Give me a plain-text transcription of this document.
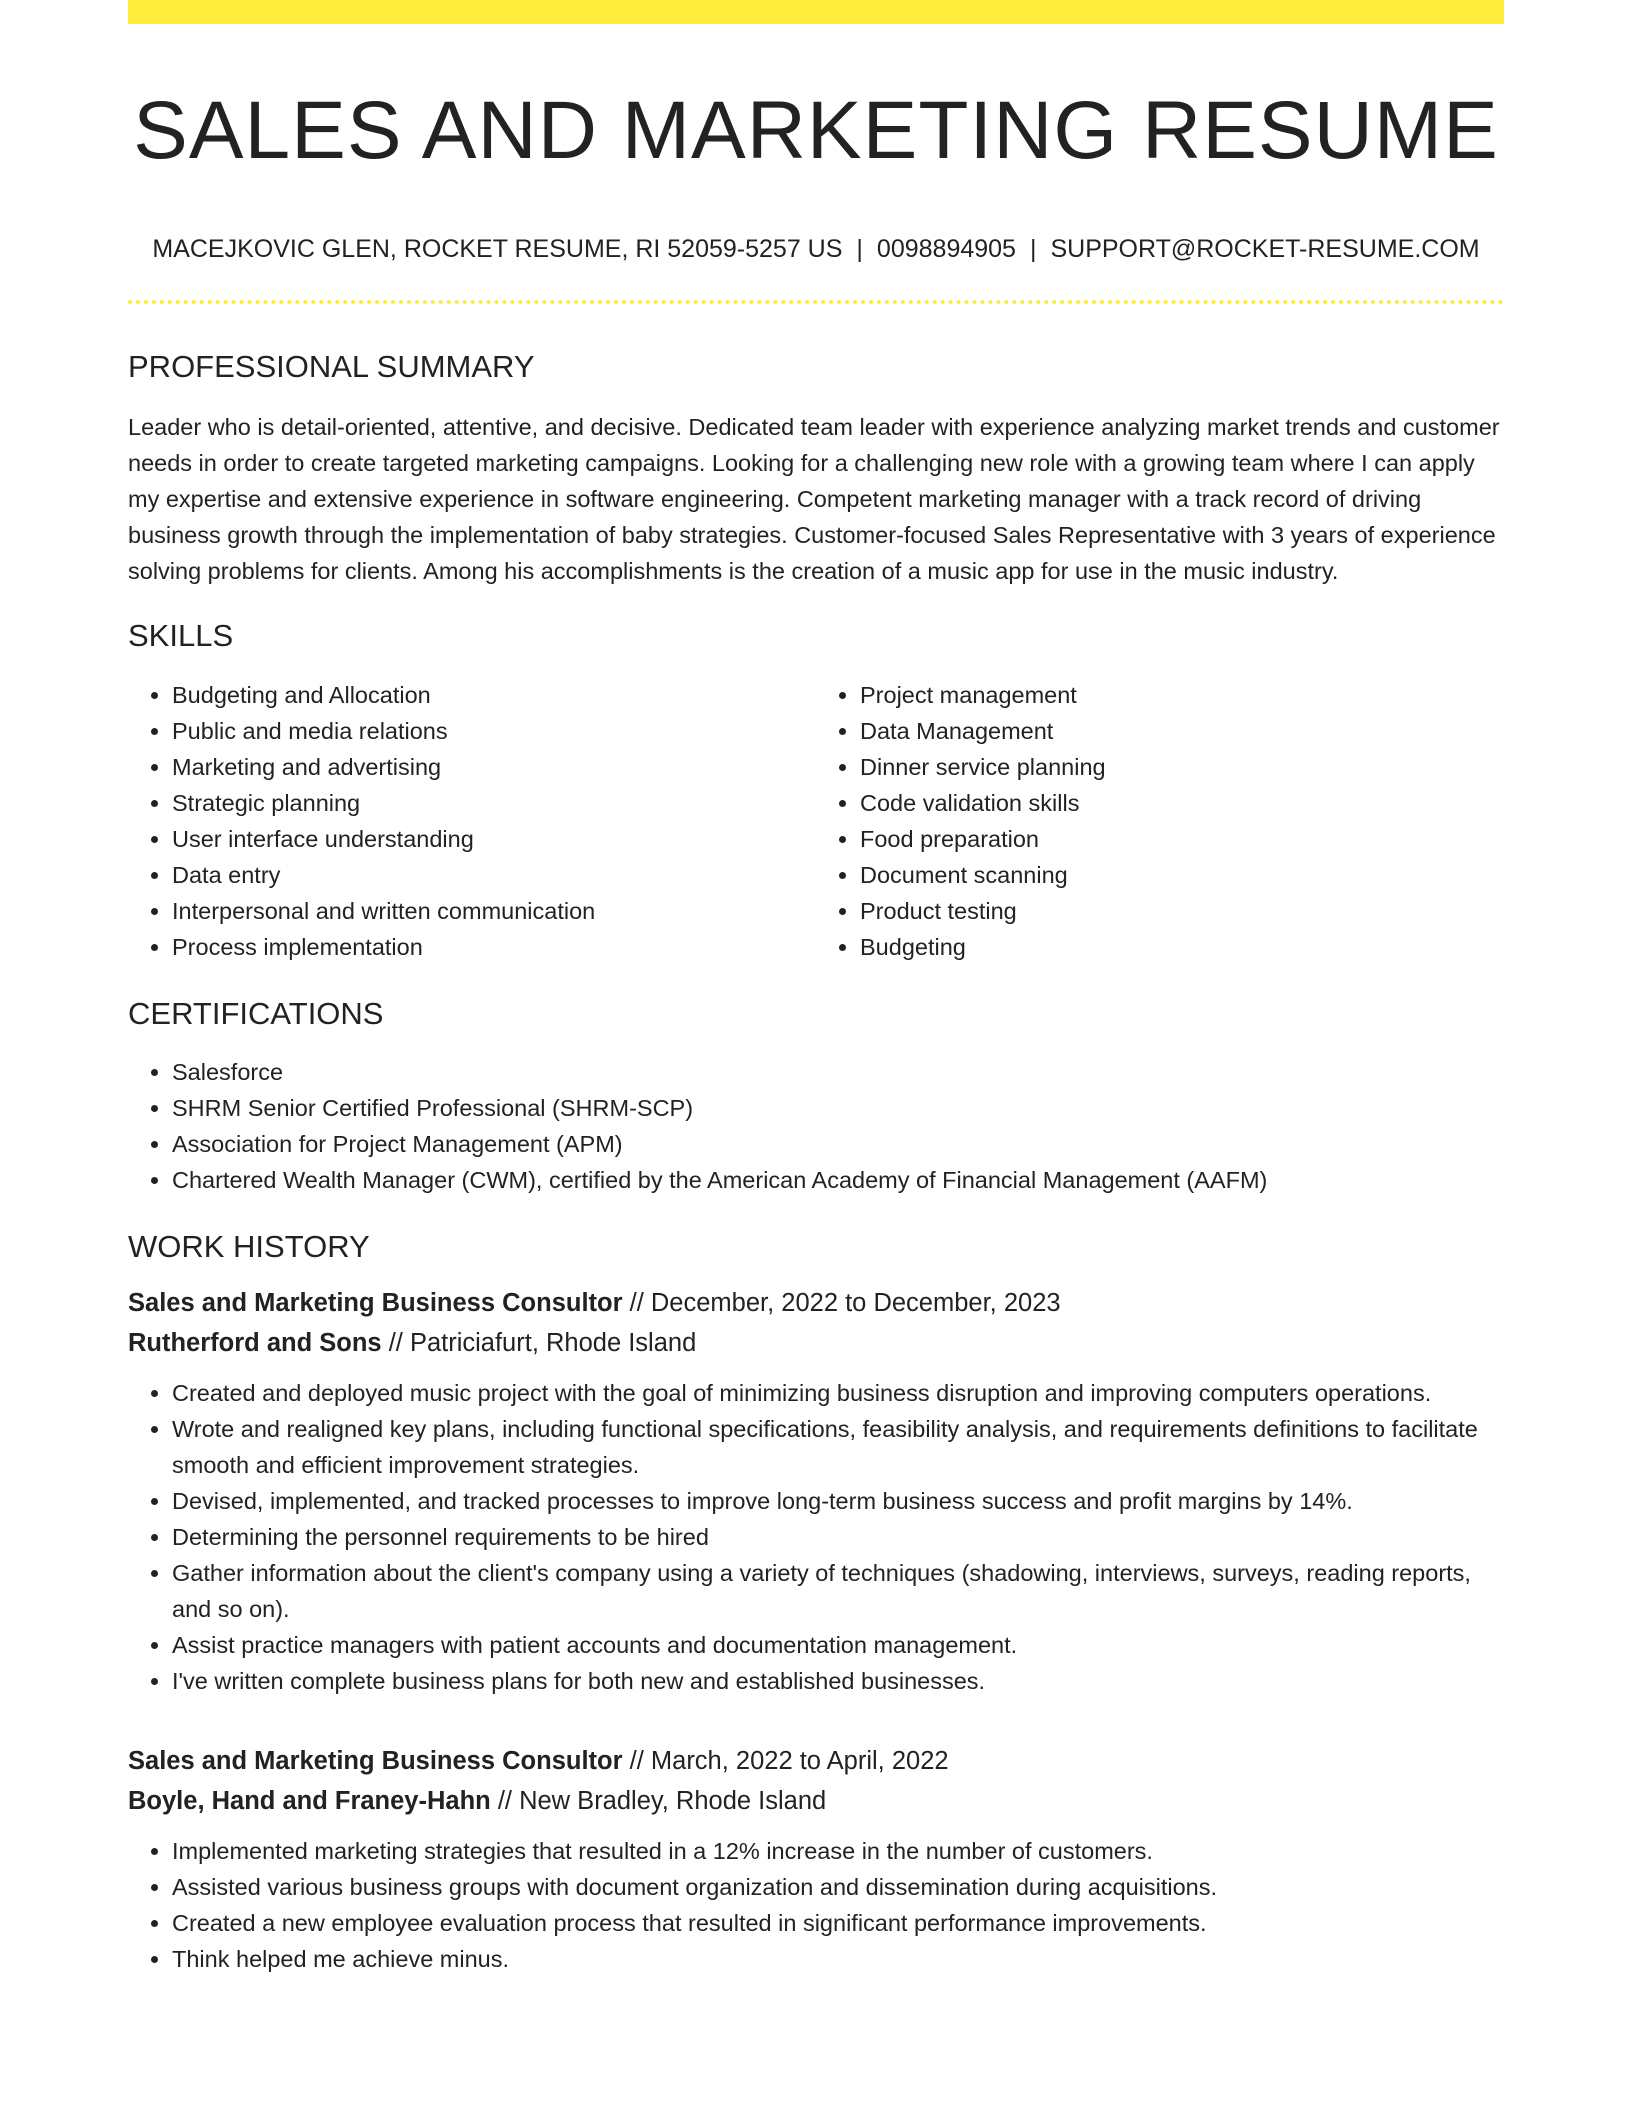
SALES AND MARKETING RESUME
MACEJKOVIC GLEN, ROCKET RESUME, RI 52059-5257 US | 0098894905 | SUPPORT@ROCKET-RESUME.COM
PROFESSIONAL SUMMARY

Leader who is detail-oriented, attentive, and decisive. Dedicated team leader with experience analyzing market trends and customer needs in order to create targeted marketing campaigns. Looking for a challenging new role with a growing team where I can apply my expertise and extensive experience in software engineering. Competent marketing manager with a track record of driving business growth through the implementation of baby strategies. Customer-focused Sales Representative with 3 years of experience solving problems for clients. Among his accomplishments is the creation of a music app for use in the music industry.

SKILLS
• Budgeting and Allocation
• Public and media relations
• Marketing and advertising
• Strategic planning
• User interface understanding
• Data entry
• Interpersonal and written communication
• Process implementation
• Project management
• Data Management
• Dinner service planning
• Code validation skills
• Food preparation
• Document scanning
• Product testing
• Budgeting
CERTIFICATIONS
• Salesforce
• SHRM Senior Certified Professional (SHRM-SCP)
• Association for Project Management (APM)
• Chartered Wealth Manager (CWM), certified by the American Academy of Financial Management (AAFM)
WORK HISTORY
Sales and Marketing Business Consultor // December, 2022 to December, 2023
Rutherford and Sons // Patriciafurt, Rhode Island
• Created and deployed music project with the goal of minimizing business disruption and improving computers operations.
• Wrote and realigned key plans, including functional specifications, feasibility analysis, and requirements definitions to facilitate smooth and efficient improvement strategies.
• Devised, implemented, and tracked processes to improve long-term business success and profit margins by 14%.
• Determining the personnel requirements to be hired
• Gather information about the client's company using a variety of techniques (shadowing, interviews, surveys, reading reports, and so on).
• Assist practice managers with patient accounts and documentation management.
• I've written complete business plans for both new and established businesses.
Sales and Marketing Business Consultor // March, 2022 to April, 2022
Boyle, Hand and Franey-Hahn // New Bradley, Rhode Island
• Implemented marketing strategies that resulted in a 12% increase in the number of customers.
• Assisted various business groups with document organization and dissemination during acquisitions.
• Created a new employee evaluation process that resulted in significant performance improvements.
• Think helped me achieve minus.
